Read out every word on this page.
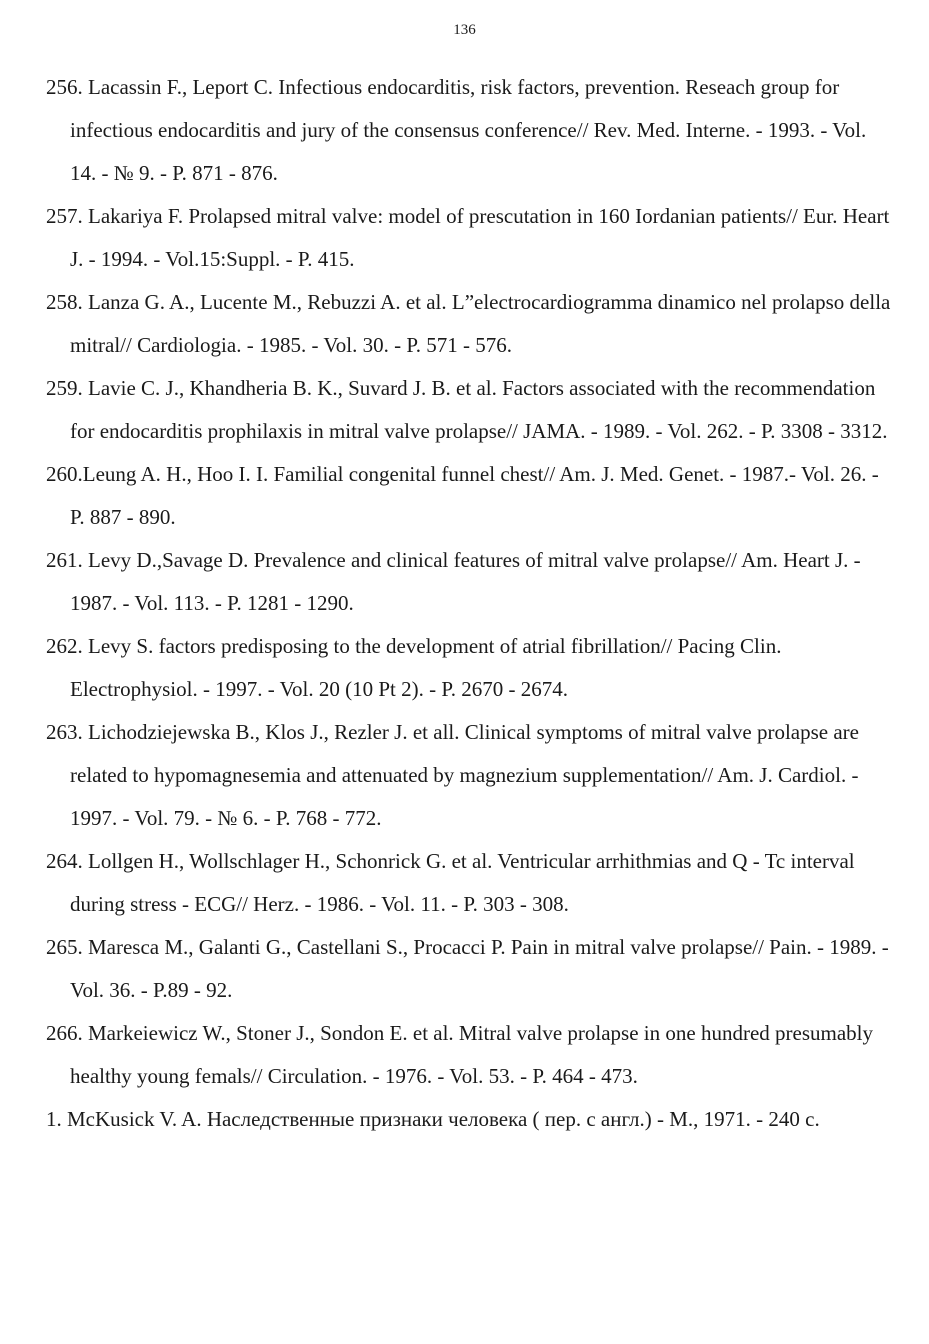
136
256. Lacassin F., Leport C. Infectious endocarditis, risk factors, prevention. Reseach group for infectious endocarditis and jury of the consensus conference// Rev. Med. Interne. - 1993. - Vol. 14. - № 9. - P. 871 - 876.
257. Lakariya F. Prolapsed mitral valve: model of prescutation in 160 Iordanian patients// Eur. Heart J. - 1994. - Vol.15:Suppl. - P. 415.
258. Lanza G. A., Lucente M., Rebuzzi A. et al. L”electrocardiogramma dinamico nel prolapso della mitral// Cardiologia. - 1985. - Vol. 30. - P. 571 - 576.
259. Lavie C. J., Khandheria B. K., Suvard J. B. et al. Factors associated with the recommendation for endocarditis prophilaxis in mitral valve prolapse// JAMA. - 1989. - Vol. 262. - P. 3308 - 3312.
260.Leung A. H., Hoo I. I. Familial congenital funnel chest// Am. J. Med. Genet. - 1987.- Vol. 26. - P. 887 - 890.
261. Levy D.,Savage D. Prevalence and clinical features of mitral valve prolapse// Am. Heart J. - 1987. - Vol. 113. - P. 1281 - 1290.
262. Levy S. factors predisposing to the development of atrial fibrillation// Pacing Clin. Electrophysiol. - 1997. - Vol. 20 (10 Pt 2). - P. 2670 - 2674.
263. Lichodziejewska B., Klos J., Rezler J. et all. Clinical symptoms of mitral valve prolapse are related to hypomagnesemia and attenuated by magnezium supplementation// Am. J. Cardiol. - 1997. - Vol. 79. - № 6. - P. 768 - 772.
264. Lollgen H., Wollschlager H., Schonrick G. et al. Ventricular arrhithmias and Q - Tc interval during stress - ECG// Herz. - 1986. - Vol. 11. - P. 303 - 308.
265. Maresca M., Galanti G., Castellani S., Procacci P. Pain in mitral valve prolapse// Pain. - 1989. - Vol. 36. - P.89 - 92.
266. Markeiewicz W., Stoner J., Sondon E. et al. Mitral valve prolapse in one hundred presumably healthy young femals// Circulation. - 1976. - Vol. 53. - P. 464 - 473.
1. McKusick V. A. Наследственные признаки человека ( пер. с англ.) - М., 1971. - 240 с.
